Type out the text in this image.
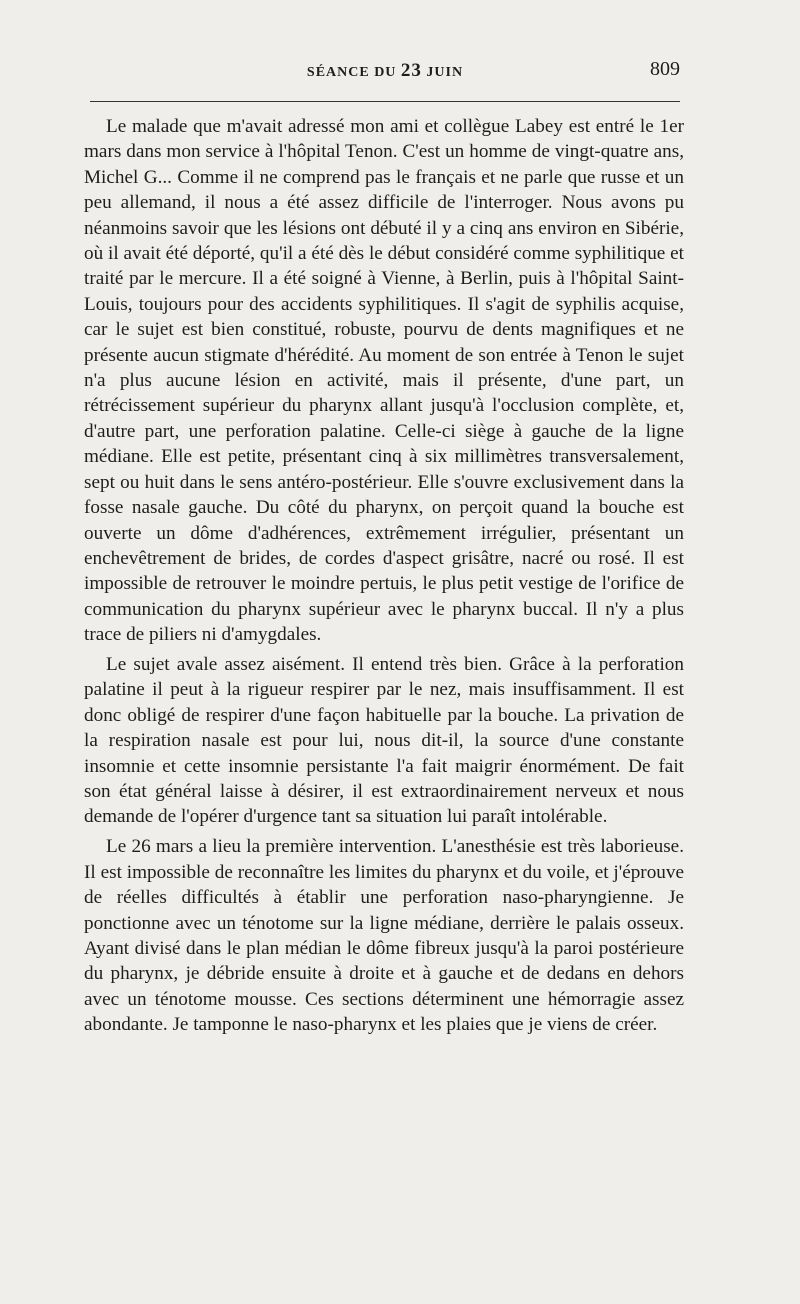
SÉANCE DU 23 JUIN	809

Le malade que m'avait adressé mon ami et collègue Labey est entré le 1er mars dans mon service à l'hôpital Tenon. C'est un homme de vingt-quatre ans, Michel G... Comme il ne comprend pas le français et ne parle que russe et un peu allemand, il nous a été assez difficile de l'interroger. Nous avons pu néanmoins savoir que les lésions ont débuté il y a cinq ans environ en Sibérie, où il avait été déporté, qu'il a été dès le début considéré comme syphilitique et traité par le mercure. Il a été soigné à Vienne, à Berlin, puis à l'hôpital Saint-Louis, toujours pour des accidents syphilitiques. Il s'agit de syphilis acquise, car le sujet est bien constitué, robuste, pourvu de dents magnifiques et ne présente aucun stigmate d'hérédité. Au moment de son entrée à Tenon le sujet n'a plus aucune lésion en activité, mais il présente, d'une part, un rétrécissement supérieur du pharynx allant jusqu'à l'occlusion complète, et, d'autre part, une perforation palatine. Celle-ci siège à gauche de la ligne médiane. Elle est petite, présentant cinq à six millimètres transversalement, sept ou huit dans le sens antéro-postérieur. Elle s'ouvre exclusivement dans la fosse nasale gauche. Du côté du pharynx, on perçoit quand la bouche est ouverte un dôme d'adhérences, extrêmement irrégulier, présentant un enchevêtrement de brides, de cordes d'aspect grisâtre, nacré ou rosé. Il est impossible de retrouver le moindre pertuis, le plus petit vestige de l'orifice de communication du pharynx supérieur avec le pharynx buccal. Il n'y a plus trace de piliers ni d'amygdales.

Le sujet avale assez aisément. Il entend très bien. Grâce à la perforation palatine il peut à la rigueur respirer par le nez, mais insuffisamment. Il est donc obligé de respirer d'une façon habituelle par la bouche. La privation de la respiration nasale est pour lui, nous dit-il, la source d'une constante insomnie et cette insomnie persistante l'a fait maigrir énormément. De fait son état général laisse à désirer, il est extraordinairement nerveux et nous demande de l'opérer d'urgence tant sa situation lui paraît intolérable.

Le 26 mars a lieu la première intervention. L'anesthésie est très laborieuse. Il est impossible de reconnaître les limites du pharynx et du voile, et j'éprouve de réelles difficultés à établir une perforation naso-pharyngienne. Je ponctionne avec un ténotome sur la ligne médiane, derrière le palais osseux. Ayant divisé dans le plan médian le dôme fibreux jusqu'à la paroi postérieure du pharynx, je débride ensuite à droite et à gauche et de dedans en dehors avec un ténotome mousse. Ces sections déterminent une hémorragie assez abondante. Je tamponne le naso-pharynx et les plaies que je viens de créer.
